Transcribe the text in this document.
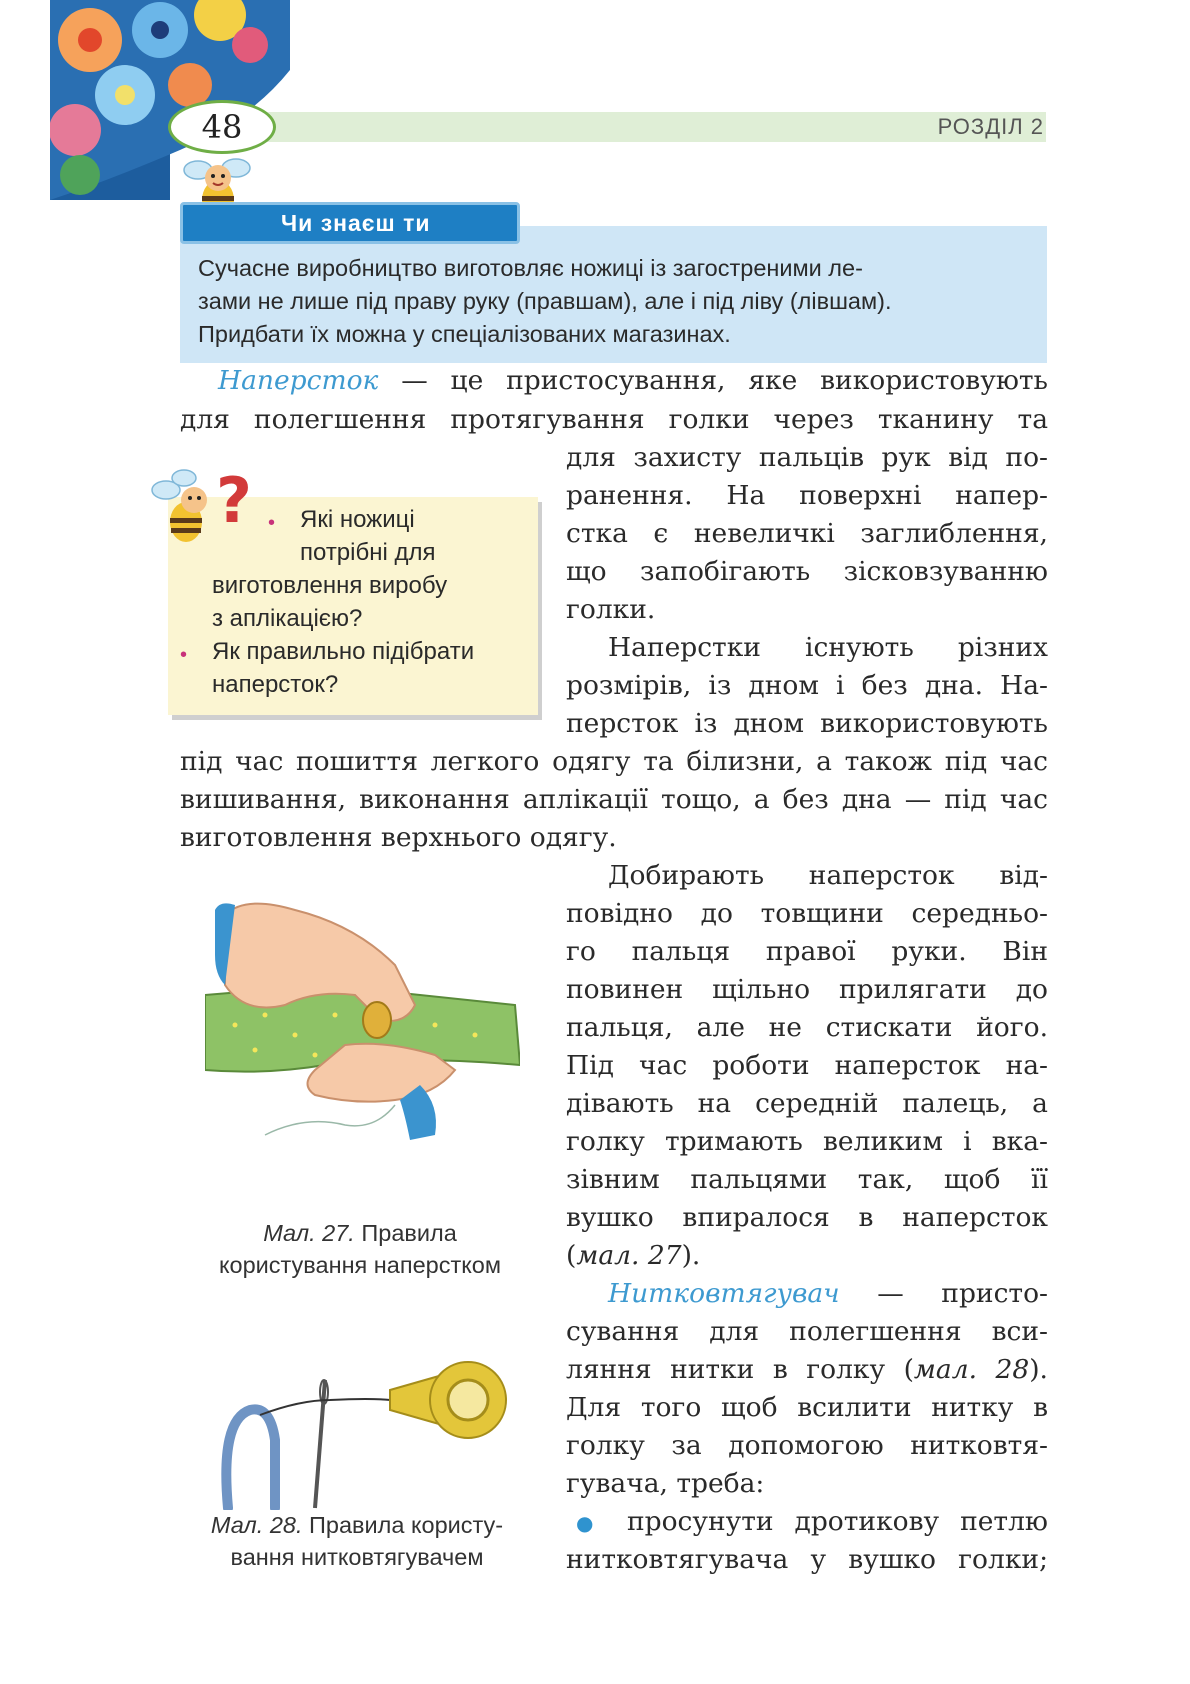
РОЗДІЛ 2
48
Сучасне виробництво виготовляє ножиці із загостреними ле-
зами не лише під праву руку (правшам), але і під ліву (лівшам).
Придбати їх можна у спеціалізованих магазинах.
Чи знаєш ти
Наперсток — це пристосування, яке використовують
для полегшення протягування голки через тканину та
для захисту пальців рук від по-
ранення. На поверхні напер-
стка є невеличкі заглиблення,
що запобігають зісковзуванню
голки.
Наперстки існують різних
розмірів, із дном і без дна. На-
персток із дном використовують
під час пошиття легкого одягу та білизни, а також під час
вишивання, виконання аплікації тощо, а без дна — під час
виготовлення верхнього одягу.
Добирають наперсток від-
повідно до товщини середньо-
го пальця правої руки. Він
повинен щільно прилягати до
пальця, але не стискати його.
Під час роботи наперсток на-
дівають на середній палець, а
голку тримають великим і вка-
зівним пальцями так, щоб її
вушко впиралося в наперсток
(мал. 27).
Нитковтягувач — присто-
сування для полегшення вси-
ляння нитки в голку (мал. 28).
Для того щоб всилити нитку в
голку за допомогою нитковтя-
гувача, треба:
● просунути дротикову петлю
нитковтягувача у вушко голки;
? • Які ножиці
потрібні для
виготовлення виробу
з аплікацією?
• Як правильно підібрати
наперсток?
Мал. 27. Правила
користування наперстком
Мал. 28. Правила користу-
вання нитковтягувачем
